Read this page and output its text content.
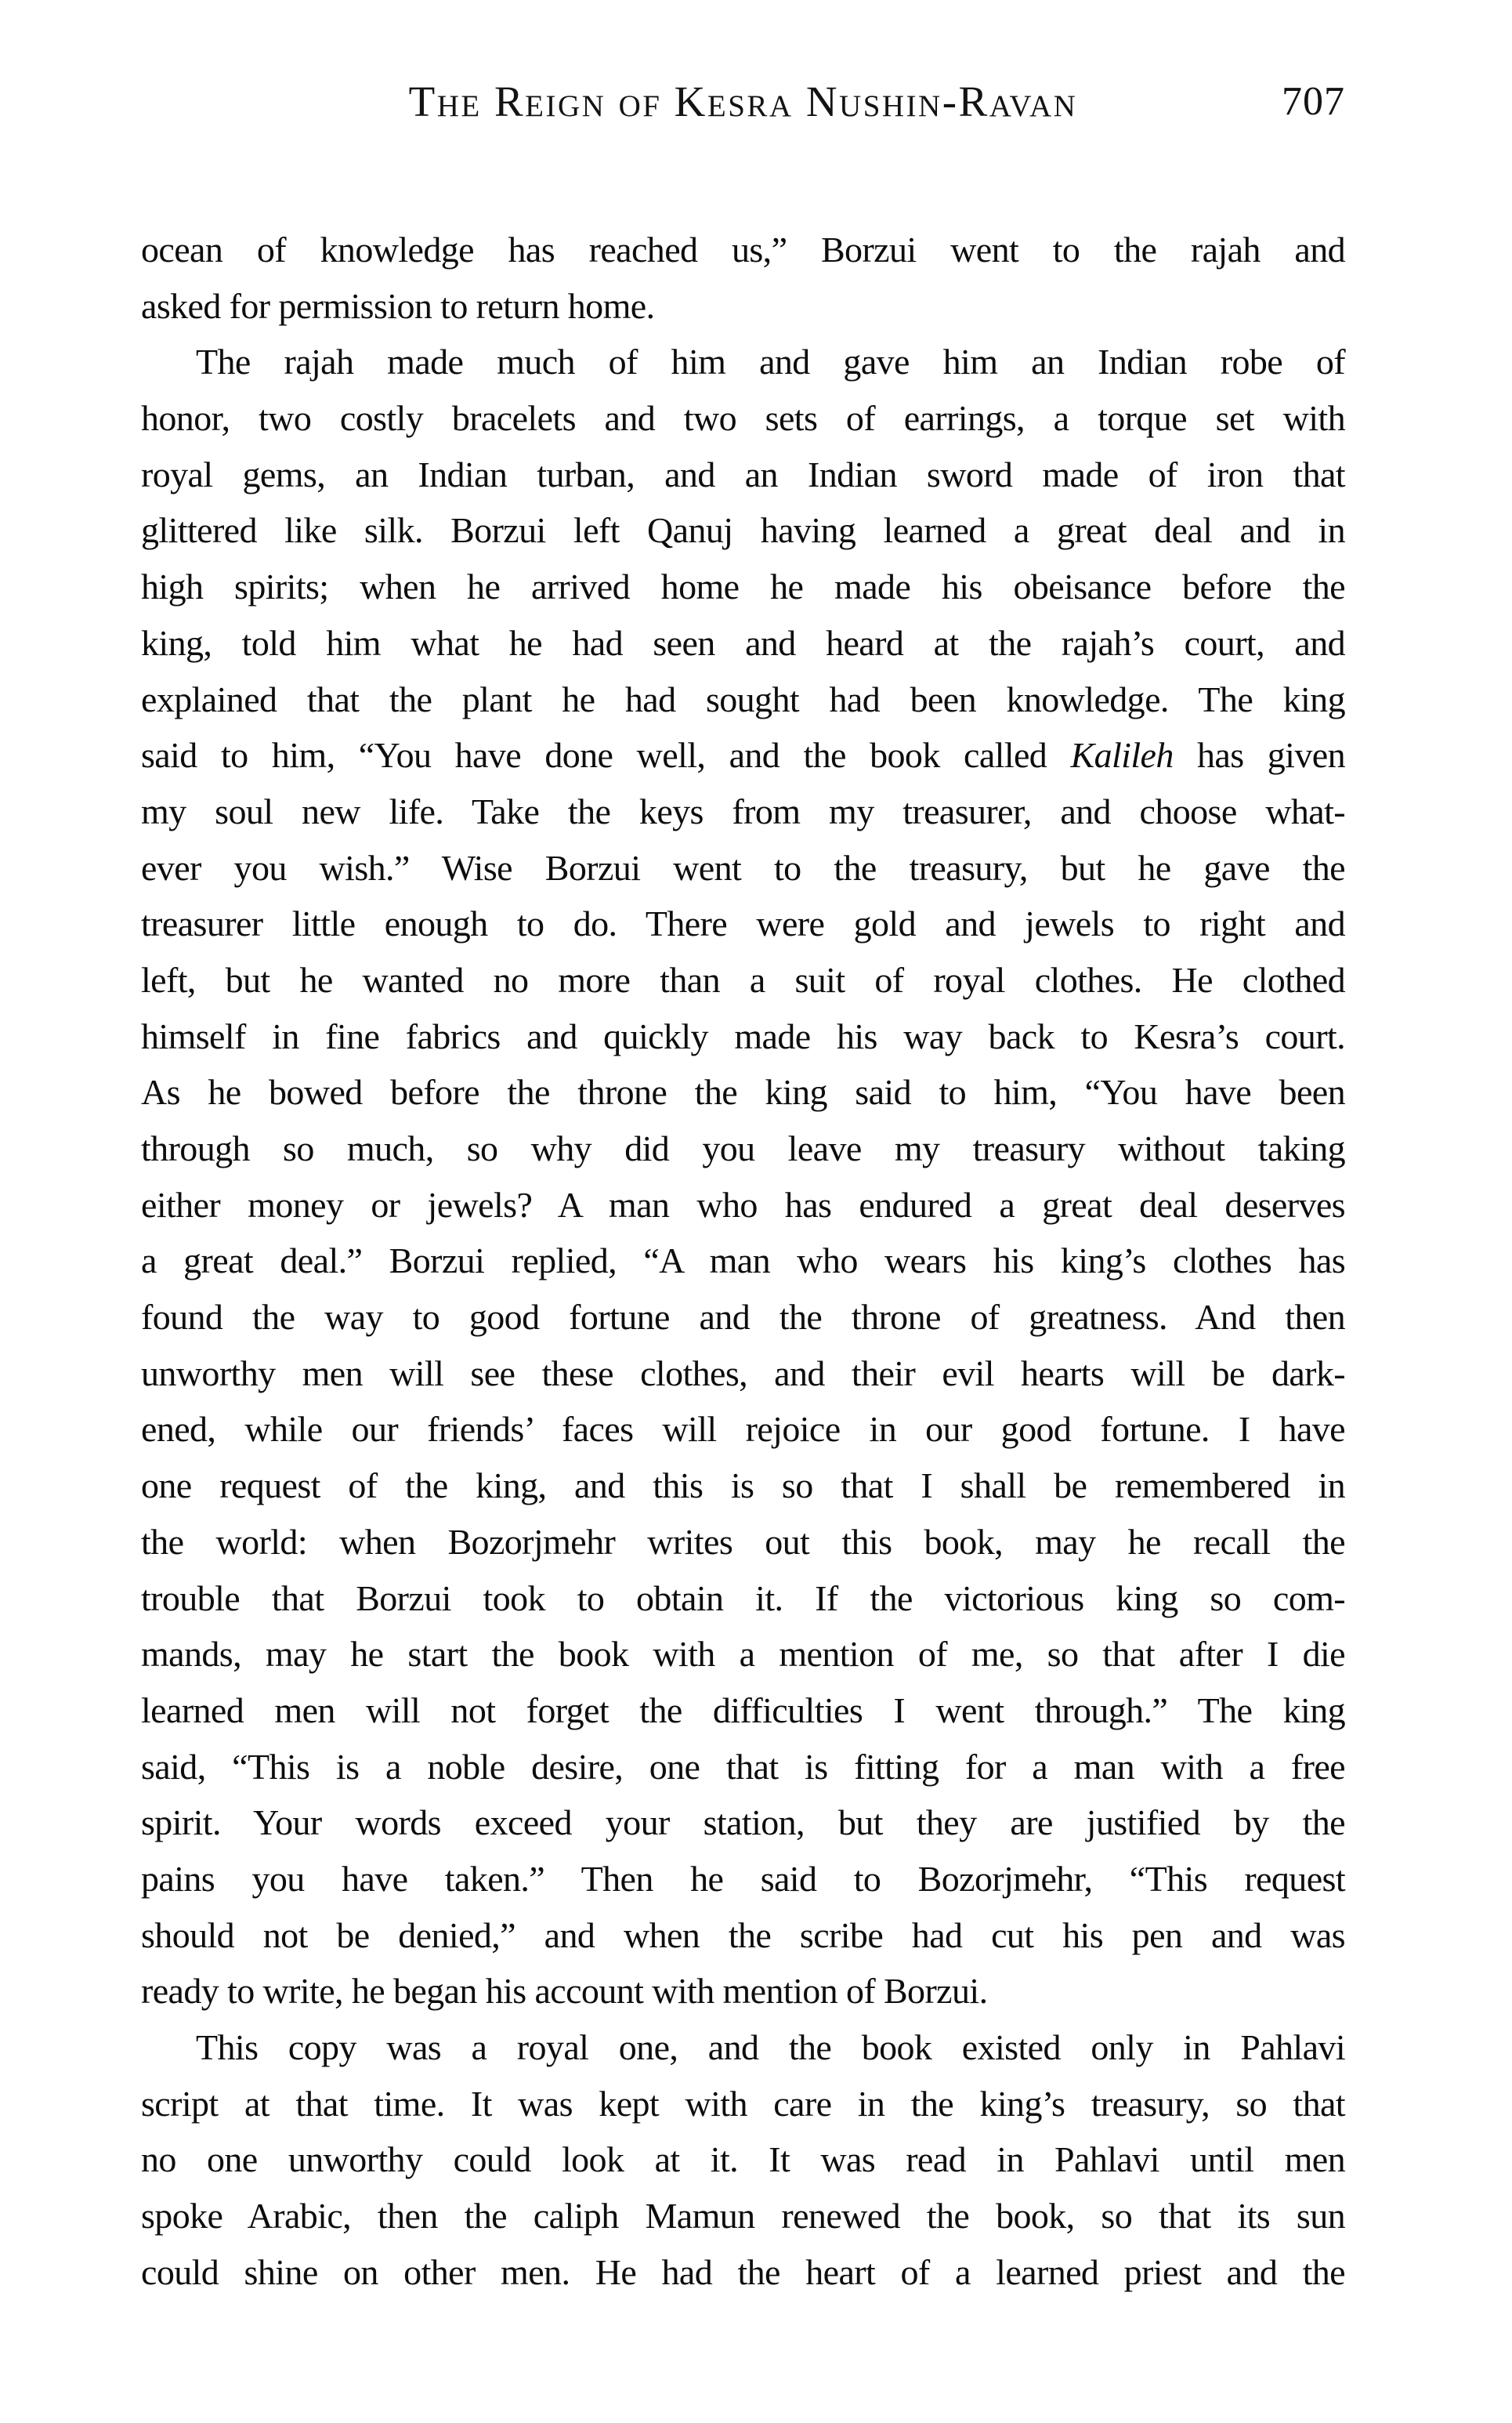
The Reign of Kesra Nushin-Ravan	707
ocean of knowledge has reached us,” Borzui went to the rajah and
asked for permission to return home.
The rajah made much of him and gave him an Indian robe of
honor, two costly bracelets and two sets of earrings, a torque set with
royal gems, an Indian turban, and an Indian sword made of iron that
glittered like silk. Borzui left Qanuj having learned a great deal and in
high spirits; when he arrived home he made his obeisance before the
king, told him what he had seen and heard at the rajah’s court, and
explained that the plant he had sought had been knowledge. The king
said to him, “You have done well, and the book called Kalileh has given
my soul new life. Take the keys from my treasurer, and choose what-
ever you wish.” Wise Borzui went to the treasury, but he gave the
treasurer little enough to do. There were gold and jewels to right and
left, but he wanted no more than a suit of royal clothes. He clothed
himself in fine fabrics and quickly made his way back to Kesra’s court.
As he bowed before the throne the king said to him, “You have been
through so much, so why did you leave my treasury without taking
either money or jewels? A man who has endured a great deal deserves
a great deal.” Borzui replied, “A man who wears his king’s clothes has
found the way to good fortune and the throne of greatness. And then
unworthy men will see these clothes, and their evil hearts will be dark-
ened, while our friends’ faces will rejoice in our good fortune. I have
one request of the king, and this is so that I shall be remembered in
the world: when Bozorjmehr writes out this book, may he recall the
trouble that Borzui took to obtain it. If the victorious king so com-
mands, may he start the book with a mention of me, so that after I die
learned men will not forget the difficulties I went through.” The king
said, “This is a noble desire, one that is fitting for a man with a free
spirit. Your words exceed your station, but they are justified by the
pains you have taken.” Then he said to Bozorjmehr, “This request
should not be denied,” and when the scribe had cut his pen and was
ready to write, he began his account with mention of Borzui.
This copy was a royal one, and the book existed only in Pahlavi
script at that time. It was kept with care in the king’s treasury, so that
no one unworthy could look at it. It was read in Pahlavi until men
spoke Arabic, then the caliph Mamun renewed the book, so that its sun
could shine on other men. He had the heart of a learned priest and the
